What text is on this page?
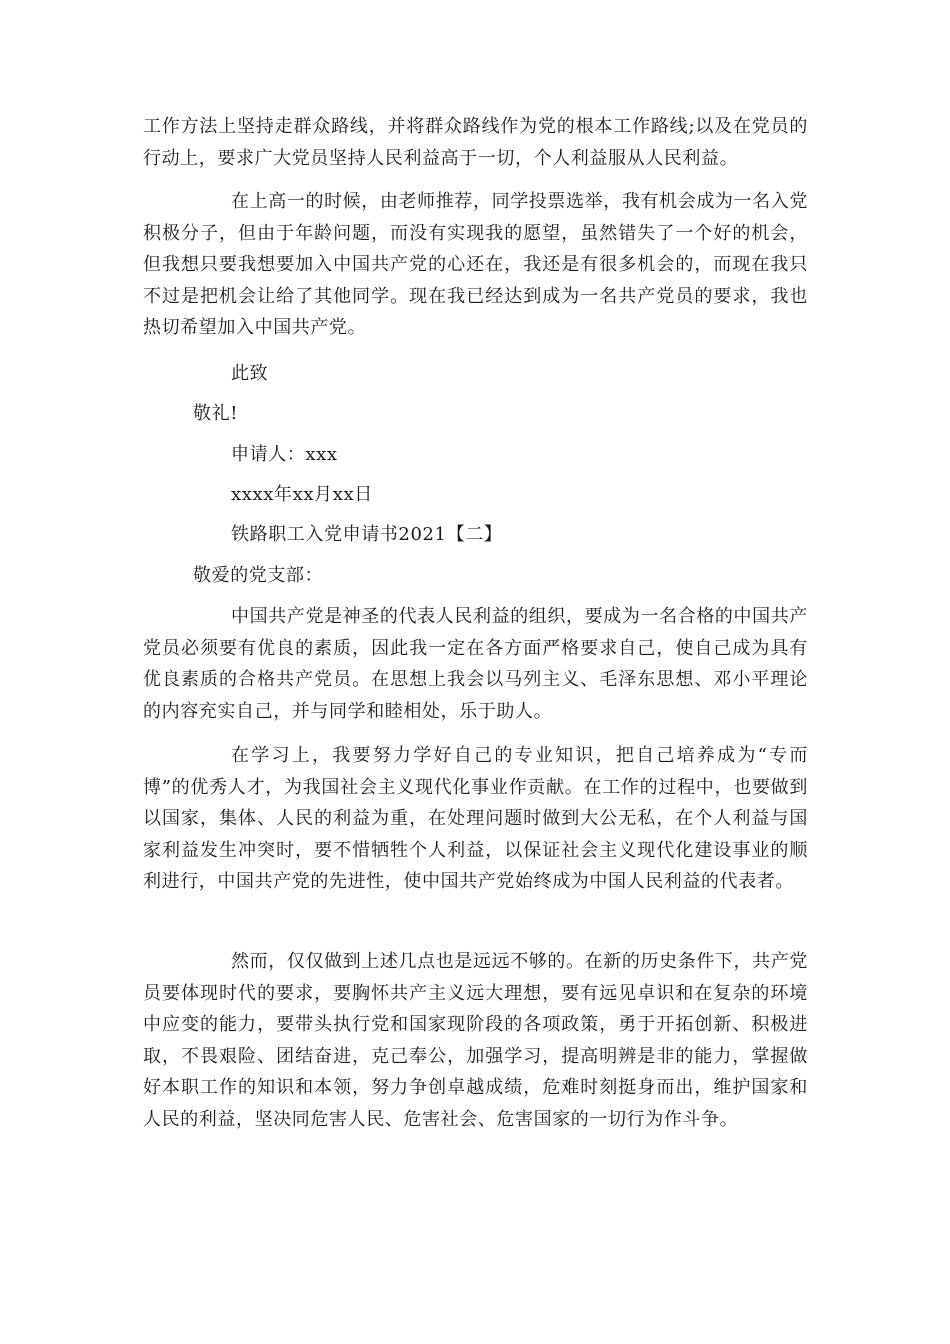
工作方法上坚持走群众路线，并将群众路线作为党的根本工作路线;以及在党员的行动上，要求广大党员坚持人民利益高于一切，个人利益服从人民利益。

在上高一的时候，由老师推荐，同学投票选举，我有机会成为一名入党积极分子，但由于年龄问题，而没有实现我的愿望，虽然错失了一个好的机会，但我想只要我想要加入中国共产党的心还在，我还是有很多机会的，而现在我只不过是把机会让给了其他同学。现在我已经达到成为一名共产党员的要求，我也热切希望加入中国共产党。

此致

敬礼!

申请人：xxx

xxxx年xx月xx日

铁路职工入党申请书2021【二】

敬爱的党支部：

中国共产党是神圣的代表人民利益的组织，要成为一名合格的中国共产党员必须要有优良的素质，因此我一定在各方面严格要求自己，使自己成为具有优良素质的合格共产党员。在思想上我会以马列主义、毛泽东思想、邓小平理论的内容充实自己，并与同学和睦相处，乐于助人。

在学习上，我要努力学好自己的专业知识，把自己培养成为“专而博”的优秀人才，为我国社会主义现代化事业作贡献。在工作的过程中，也要做到以国家，集体、人民的利益为重，在处理问题时做到大公无私，在个人利益与国家利益发生冲突时，要不惜牺牲个人利益，以保证社会主义现代化建设事业的顺利进行，中国共产党的先进性，使中国共产党始终成为中国人民利益的代表者。

然而，仅仅做到上述几点也是远远不够的。在新的历史条件下，共产党员要体现时代的要求，要胸怀共产主义远大理想，要有远见卓识和在复杂的环境中应变的能力，要带头执行党和国家现阶段的各项政策，勇于开拓创新、积极进取，不畏艰险、团结奋进，克己奉公，加强学习，提高明辨是非的能力，掌握做好本职工作的知识和本领，努力争创卓越成绩，危难时刻挺身而出，维护国家和人民的利益，坚决同危害人民、危害社会、危害国家的一切行为作斗争。
